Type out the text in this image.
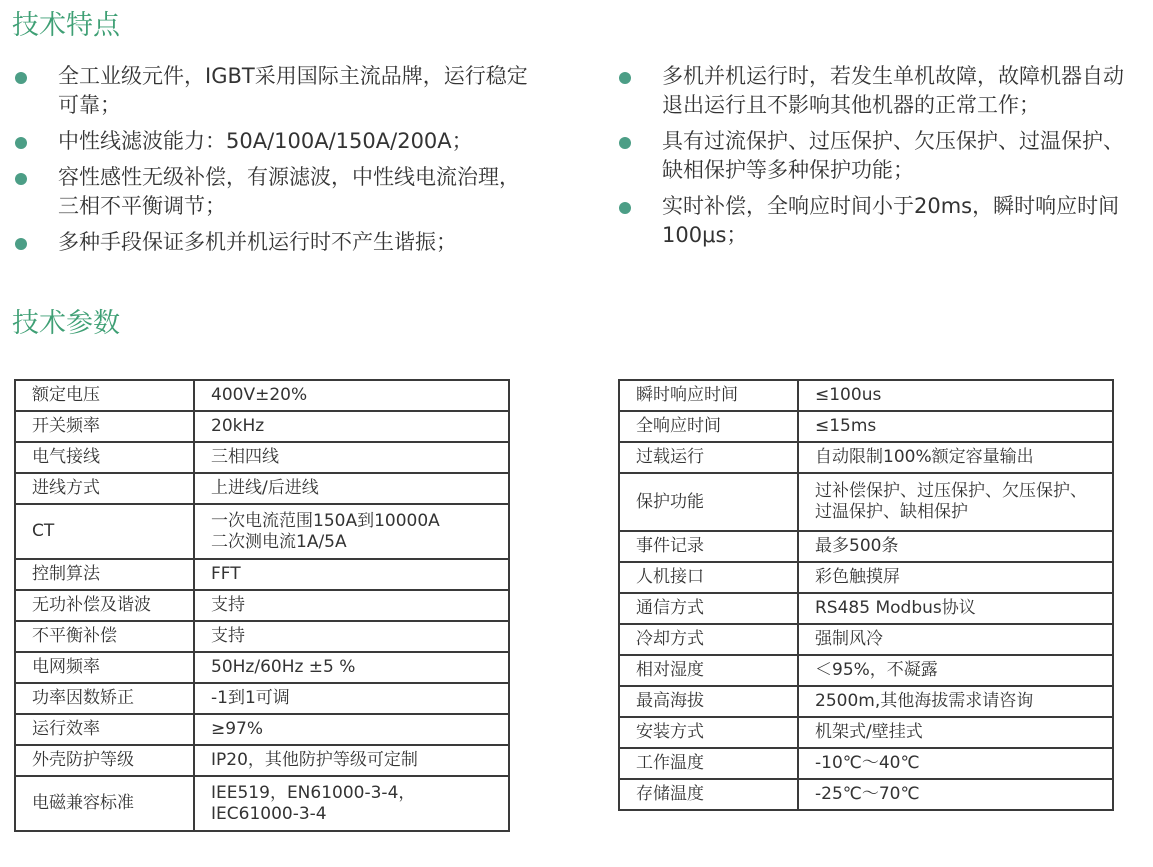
技术特点
全工业级元件，IGBT采用国际主流品牌，运行稳定可靠；
中性线滤波能力：50A/100A/150A/200A；
容性感性无级补偿，有源滤波，中性线电流治理，三相不平衡调节；
多种手段保证多机并机运行时不产生谐振；
多机并机运行时，若发生单机故障，故障机器自动退出运行且不影响其他机器的正常工作；
具有过流保护、过压保护、欠压保护、过温保护、缺相保护等多种保护功能；
实时补偿，全响应时间小于20ms，瞬时响应时间100μs；
技术参数
额定电压	400V±20%
开关频率	20kHz
电气接线	三相四线
进线方式	上进线/后进线
CT	一次电流范围150A到10000A
二次测电流1A/5A
控制算法	FFT
无功补偿及谐波	支持
不平衡补偿	支持
电网频率	50Hz/60Hz ±5 %
功率因数矫正	-1到1可调
运行效率	≥97%
外壳防护等级	IP20，其他防护等级可定制
电磁兼容标准	IEE519，EN61000-3-4，
IEC61000-3-4
瞬时响应时间	≤100us
全响应时间	≤15ms
过载运行	自动限制100%额定容量输出
保护功能	过补偿保护、过压保护、欠压保护、
过温保护、缺相保护
事件记录	最多500条
人机接口	彩色触摸屏
通信方式	RS485 Modbus协议
冷却方式	强制风冷
相对湿度	＜95%，不凝露
最高海拔	2500m,其他海拔需求请咨询
安装方式	机架式/壁挂式
工作温度	-10℃～40℃
存储温度	-25℃～70℃
